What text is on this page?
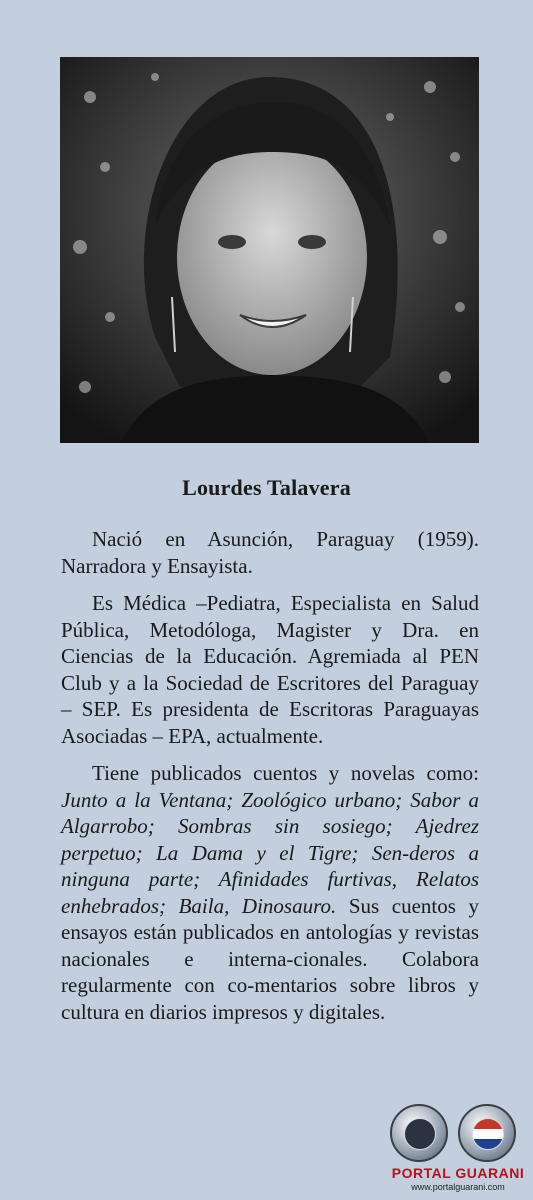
Lourdes Talavera

Nació en Asunción, Paraguay (1959). Narradora y Ensayista.

Es Médica –Pediatra, Especialista en Salud Pública, Metodóloga, Magister y Dra. en Ciencias de la Educación. Agremiada al PEN Club y a la Sociedad de Escritores del Paraguay – SEP. Es presidenta de Escritoras Paraguayas Asociadas – EPA, actualmente.

Tiene publicados cuentos y novelas como: Junto a la Ventana; Zoológico urbano; Sabor a Algarrobo; Sombras sin sosiego; Ajedrez perpetuo; La Dama y el Tigre; Sen-deros a ninguna parte; Afinidades furtivas, Relatos enhebrados; Baila, Dinosauro. Sus cuentos y ensayos están publicados en antologías y revistas nacionales e interna-cionales. Colabora regularmente con co-mentarios sobre libros y cultura en diarios impresos y digitales.

PORTAL GUARANI
www.portalguarani.com
